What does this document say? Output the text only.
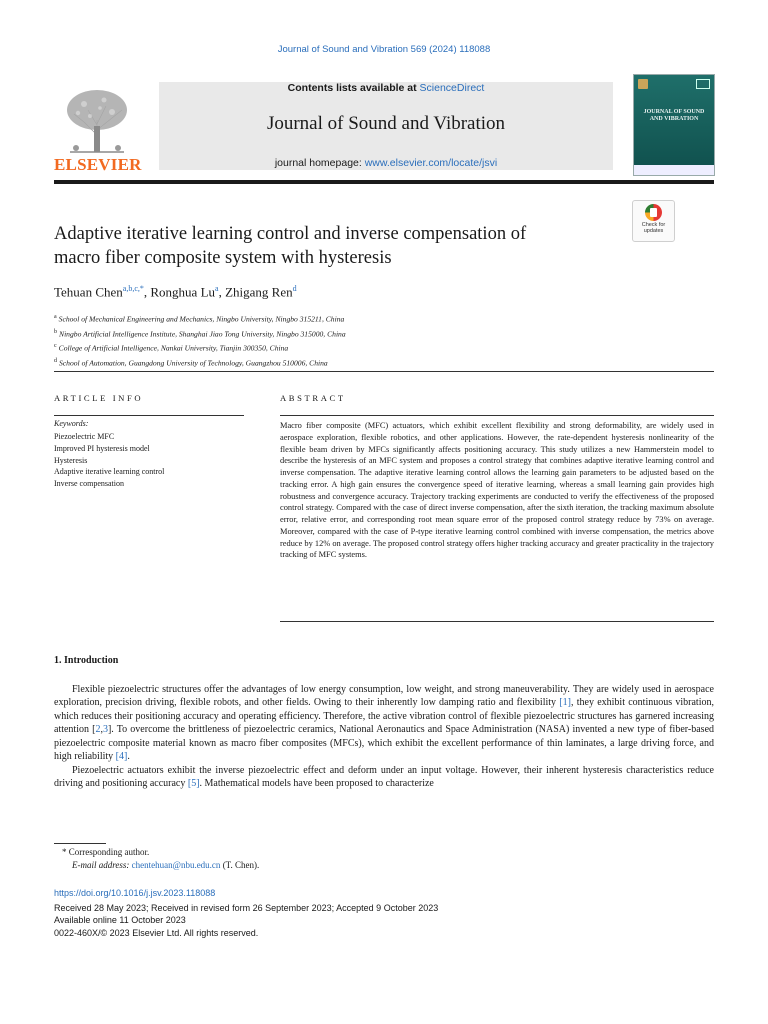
Journal of Sound and Vibration 569 (2024) 118088
ELSEVIER
Contents lists available at ScienceDirect
Journal of Sound and Vibration
journal homepage: www.elsevier.com/locate/jsvi
JOURNAL OF SOUND AND VIBRATION
Check for updates
Adaptive iterative learning control and inverse compensation of
macro fiber composite system with hysteresis
Tehuan Chen$^{a,b,c,*}$, Ronghua Lu$^a$, Zhigang Ren$^d$
$^a$ School of Mechanical Engineering and Mechanics, Ningbo University, Ningbo 315211, China
$^b$ Ningbo Artificial Intelligence Institute, Shanghai Jiao Tong University, Ningbo 315000, China
$^c$ College of Artificial Intelligence, Nankai University, Tianjin 300350, China
$^d$ School of Automation, Guangdong University of Technology, Guangzhou 510006, China
ARTICLE INFO
Keywords:
Piezoelectric MFC
Improved PI hysteresis model
Hysteresis
Adaptive iterative learning control
Inverse compensation
ABSTRACT
Macro fiber composite (MFC) actuators, which exhibit excellent flexibility and strong deformability, are widely used in aerospace exploration, flexible robotics, and other applications. However, the rate-dependent hysteresis nonlinearity of the flexible beam driven by MFCs significantly affects positioning accuracy. This study utilizes a new Hammerstein model to describe the hysteresis of an MFC system and proposes a control strategy that combines adaptive iterative learning control and inverse compensation. The adaptive iterative learning control allows the learning gain parameters to be adjusted based on the tracking error. A high gain ensures the convergence speed of iterative learning, whereas a small learning gain provides high robustness and convergence accuracy. Trajectory tracking experiments are conducted to verify the effectiveness of the proposed control strategy. Compared with the case of direct inverse compensation, after the sixth iteration, the tracking maximum absolute error, relative error, and corresponding root mean square error of the proposed control strategy reduce by 73% on average. Moreover, compared with the case of P-type iterative learning control combined with inverse compensation, the metrics above reduce by 12% on average. The proposed control strategy offers higher tracking accuracy and greater practicality in the trajectory tracking of MFC systems.
1. Introduction

Flexible piezoelectric structures offer the advantages of low energy consumption, low weight, and strong maneuverability. They are widely used in aerospace exploration, precision driving, flexible robots, and other fields. Owing to their inherently low damping ratio and flexibility [1], they exhibit continuous vibration, which reduces their positioning accuracy and operating efficiency. Therefore, the active vibration control of flexible piezoelectric structures has garnered increasing attention [2,3]. To overcome the brittleness of piezoelectric ceramics, National Aeronautics and Space Administration (NASA) invented a new type of fiber-based piezoelectric composite material known as macro fiber composites (MFCs), which exhibit the excellent performance of thin laminates, a large driving force, and high reliability [4].

Piezoelectric actuators exhibit the inverse piezoelectric effect and deform under an input voltage. However, their inherent hysteresis characteristics reduce driving and positioning accuracy [5]. Mathematical models have been proposed to characterize

* Corresponding author.
E-mail address: chentehuan@nbu.edu.cn (T. Chen).
https://doi.org/10.1016/j.jsv.2023.118088
Received 28 May 2023; Received in revised form 26 September 2023; Accepted 9 October 2023
Available online 11 October 2023
0022-460X/© 2023 Elsevier Ltd. All rights reserved.
